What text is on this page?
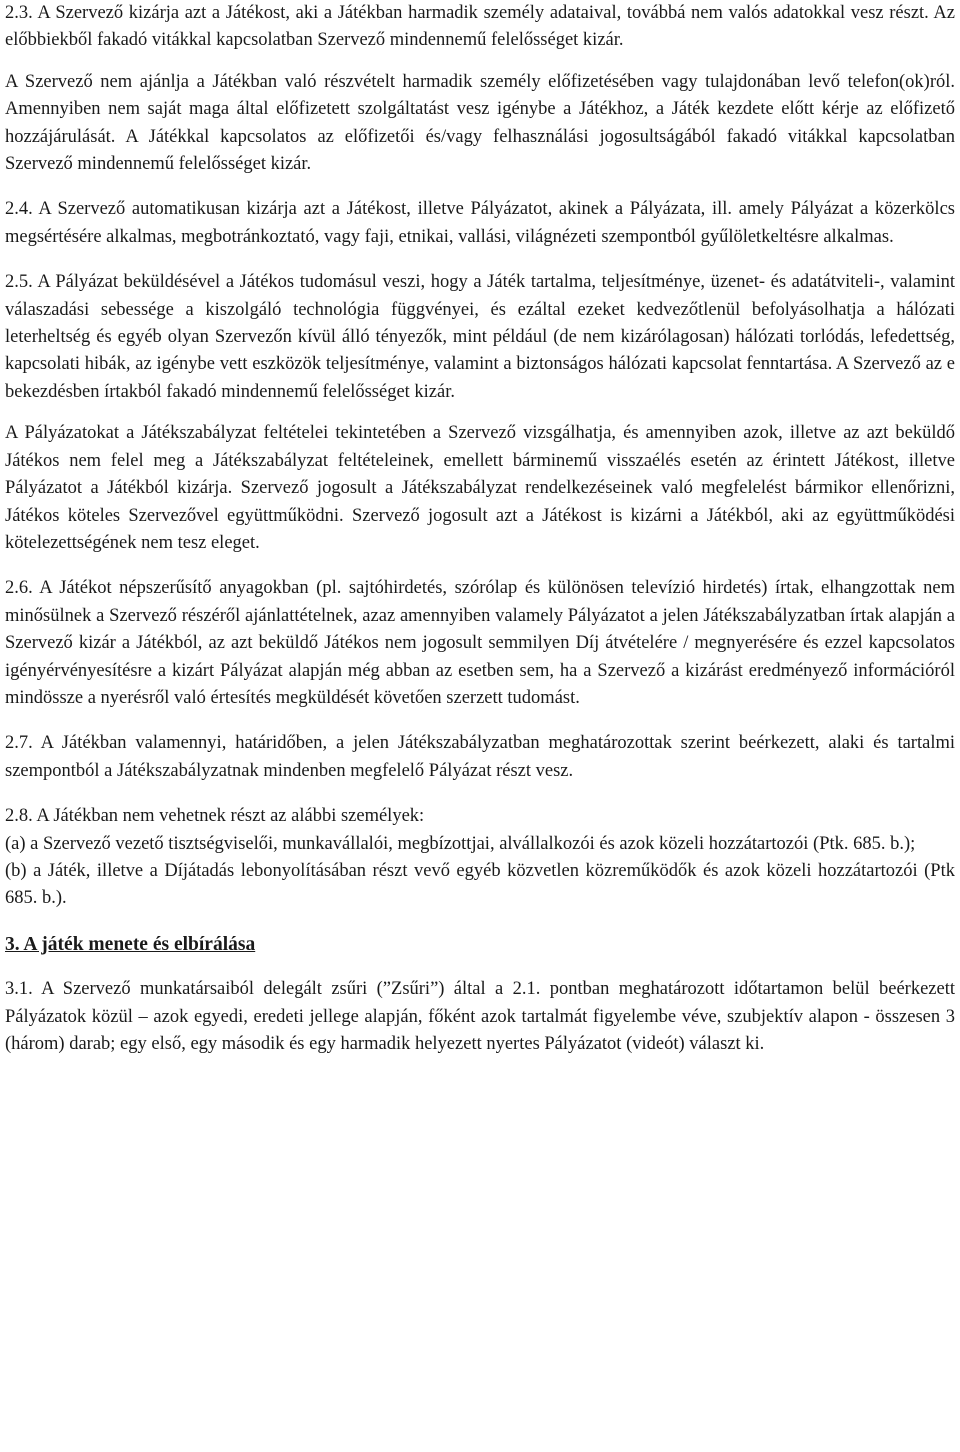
2.3. A Szervező kizárja azt a Játékost, aki a Játékban harmadik személy adataival, továbbá nem valós adatokkal vesz részt. Az előbbiekből fakadó vitákkal kapcsolatban Szervező mindennemű felelősséget kizár.

A Szervező nem ajánlja a Játékban való részvételt harmadik személy előfizetésében vagy tulajdonában levő telefon(ok)ról. Amennyiben nem saját maga által előfizetett szolgáltatást vesz igénybe a Játékhoz, a Játék kezdete előtt kérje az előfizető hozzájárulását. A Játékkal kapcsolatos az előfizetői és/vagy felhasználási jogosultságából fakadó vitákkal kapcsolatban Szervező mindennemű felelősséget kizár.

2.4. A Szervező automatikusan kizárja azt a Játékost, illetve Pályázatot, akinek a Pályázata, ill. amely Pályázat a közerkölcs megsértésére alkalmas, megbotránkoztató, vagy faji, etnikai, vallási, világnézeti szempontból gyűlöletkeltésre alkalmas.

2.5. A Pályázat beküldésével a Játékos tudomásul veszi, hogy a Játék tartalma, teljesítménye, üzenet- és adatátviteli-, valamint válaszadási sebessége a kiszolgáló technológia függvényei, és ezáltal ezeket kedvezőtlenül befolyásolhatja a hálózati leterheltség és egyéb olyan Szervezőn kívül álló tényezők, mint például (de nem kizárólagosan) hálózati torlódás, lefedettség, kapcsolati hibák, az igénybe vett eszközök teljesítménye, valamint a biztonságos hálózati kapcsolat fenntartása. A Szervező az e bekezdésben írtakból fakadó mindennemű felelősséget kizár.

A Pályázatokat a Játékszabályzat feltételei tekintetében a Szervező vizsgálhatja, és amennyiben azok, illetve az azt beküldő Játékos nem felel meg a Játékszabályzat feltételeinek, emellett bárminemű visszaélés esetén az érintett Játékost, illetve Pályázatot a Játékból kizárja. Szervező jogosult a Játékszabályzat rendelkezéseinek való megfelelést bármikor ellenőrizni, Játékos köteles Szervezővel együttműködni. Szervező jogosult azt a Játékost is kizárni a Játékból, aki az együttműködési kötelezettségének nem tesz eleget.

2.6. A Játékot népszerűsítő anyagokban (pl. sajtóhirdetés, szórólap és különösen televízió hirdetés) írtak, elhangzottak nem minősülnek a Szervező részéről ajánlattételnek, azaz amennyiben valamely Pályázatot a jelen Játékszabályzatban írtak alapján a Szervező kizár a Játékból, az azt beküldő Játékos nem jogosult semmilyen Díj átvételére / megnyerésére és ezzel kapcsolatos igényérvényesítésre a kizárt Pályázat alapján még abban az esetben sem, ha a Szervező a kizárást eredményező információról mindössze a nyerésről való értesítés megküldését követően szerzett tudomást.

2.7. A Játékban valamennyi, határidőben, a jelen Játékszabályzatban meghatározottak szerint beérkezett, alaki és tartalmi szempontból a Játékszabályzatnak mindenben megfelelő Pályázat részt vesz.

2.8. A Játékban nem vehetnek részt az alábbi személyek:

(a) a Szervező vezető tisztségviselői, munkavállalói, megbízottjai, alvállalkozói és azok közeli hozzátartozói (Ptk. 685. b.);

(b) a Játék, illetve a Díjátadás lebonyolításában részt vevő egyéb közvetlen közreműködők és azok közeli hozzátartozói (Ptk 685. b.).

3. A játék menete és elbírálása

3.1. A Szervező munkatársaiból delegált zsűri (”Zsűri”) által a 2.1. pontban meghatározott időtartamon belül beérkezett Pályázatok közül – azok egyedi, eredeti jellege alapján, főként azok tartalmát figyelembe véve, szubjektív alapon - összesen 3 (három) darab; egy első, egy második és egy harmadik helyezett nyertes Pályázatot (videót) választ ki.
